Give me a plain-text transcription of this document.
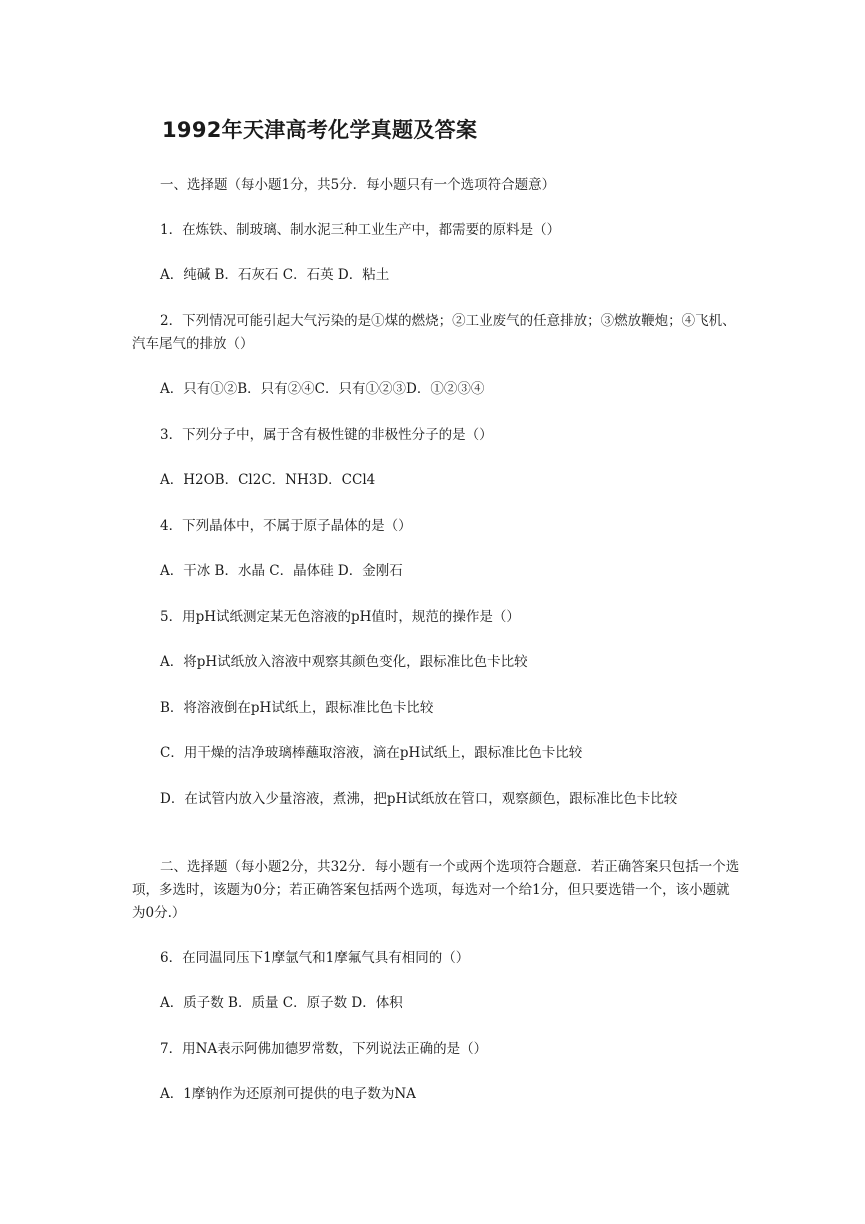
1992年天津高考化学真题及答案

一、选择题（每小题1分，共5分．每小题只有一个选项符合题意）

1．在炼铁、制玻璃、制水泥三种工业生产中，都需要的原料是（）

A．纯碱 B．石灰石 C．石英 D．粘土

2．下列情况可能引起大气污染的是①煤的燃烧；②工业废气的任意排放；③燃放鞭炮；④飞机、汽车尾气的排放（）

A．只有①②B．只有②④C．只有①②③D．①②③④

3．下列分子中，属于含有极性键的非极性分子的是（）

A．H2OB．Cl2C．NH3D．CCl4

4．下列晶体中，不属于原子晶体的是（）

A．干冰 B．水晶 C．晶体硅 D．金刚石

5．用pH试纸测定某无色溶液的pH值时，规范的操作是（）

A．将pH试纸放入溶液中观察其颜色变化，跟标准比色卡比较

B．将溶液倒在pH试纸上，跟标准比色卡比较

C．用干燥的洁净玻璃棒蘸取溶液，滴在pH试纸上，跟标准比色卡比较

D．在试管内放入少量溶液，煮沸，把pH试纸放在管口，观察颜色，跟标准比色卡比较

二、选择题（每小题2分，共32分．每小题有一个或两个选项符合题意．若正确答案只包括一个选项，多选时，该题为0分；若正确答案包括两个选项，每选对一个给1分，但只要选错一个，该小题就为0分.）

6．在同温同压下1摩氩气和1摩氟气具有相同的（）

A．质子数 B．质量 C．原子数 D．体积

7．用NA表示阿佛加德罗常数，下列说法正确的是（）

A．1摩钠作为还原剂可提供的电子数为NA
